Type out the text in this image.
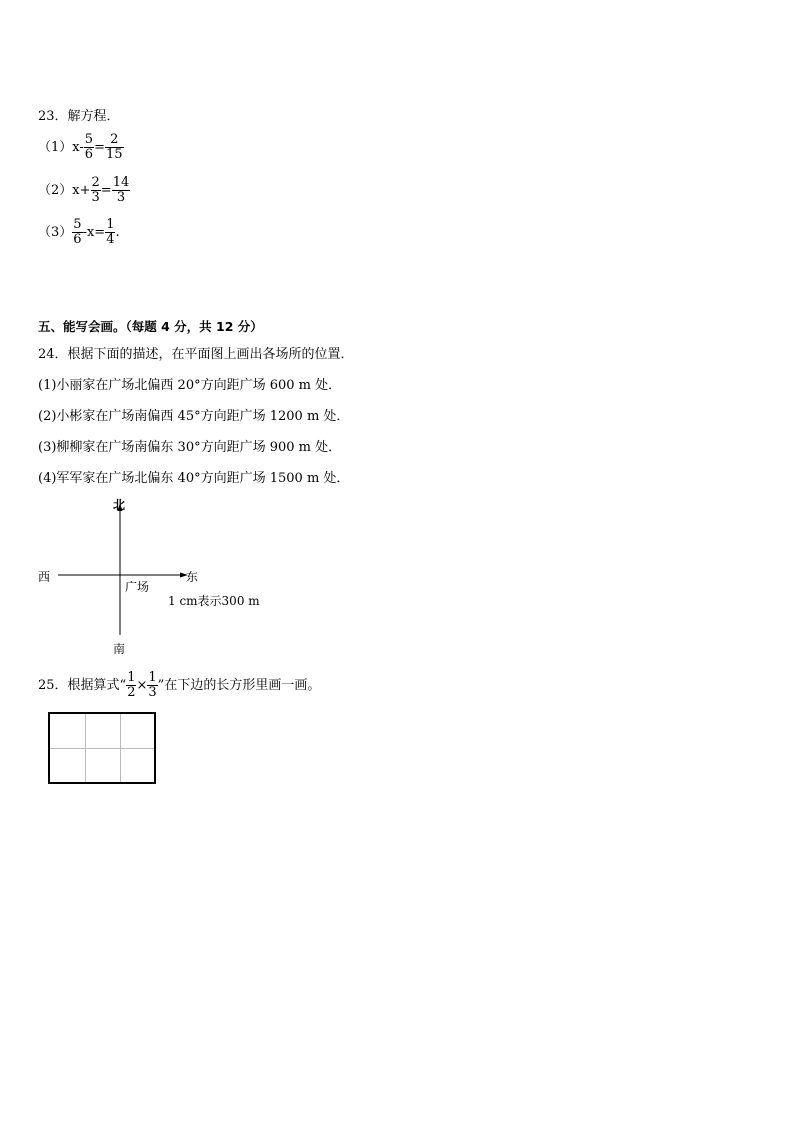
23．解方程．
$(1)x- \frac{5}{6} = \frac{2}{15}$
$(2)x+ \frac{2}{3} = \frac{14}{3}$
$(3) \frac{5}{6} -x= \frac{1}{4}$ .
五、能写会画。（每题 4 分，共 12 分）
24．根据下面的描述，在平面图上画出各场所的位置．
(1)小丽家在广场北偏西 20°方向距广场 600 m 处．
(2)小彬家在广场南偏西 45°方向距广场 1200 m 处．
(3)柳柳家在广场南偏东 30°方向距广场 900 m 处．
(4)军军家在广场北偏东 40°方向距广场 1500 m 处．
北
南
西	东
广场
1 cm表示300 m
25．根据算式“ $\frac{1}{2} \times \frac{1}{3}$ ”在下边的长方形里画一画。
